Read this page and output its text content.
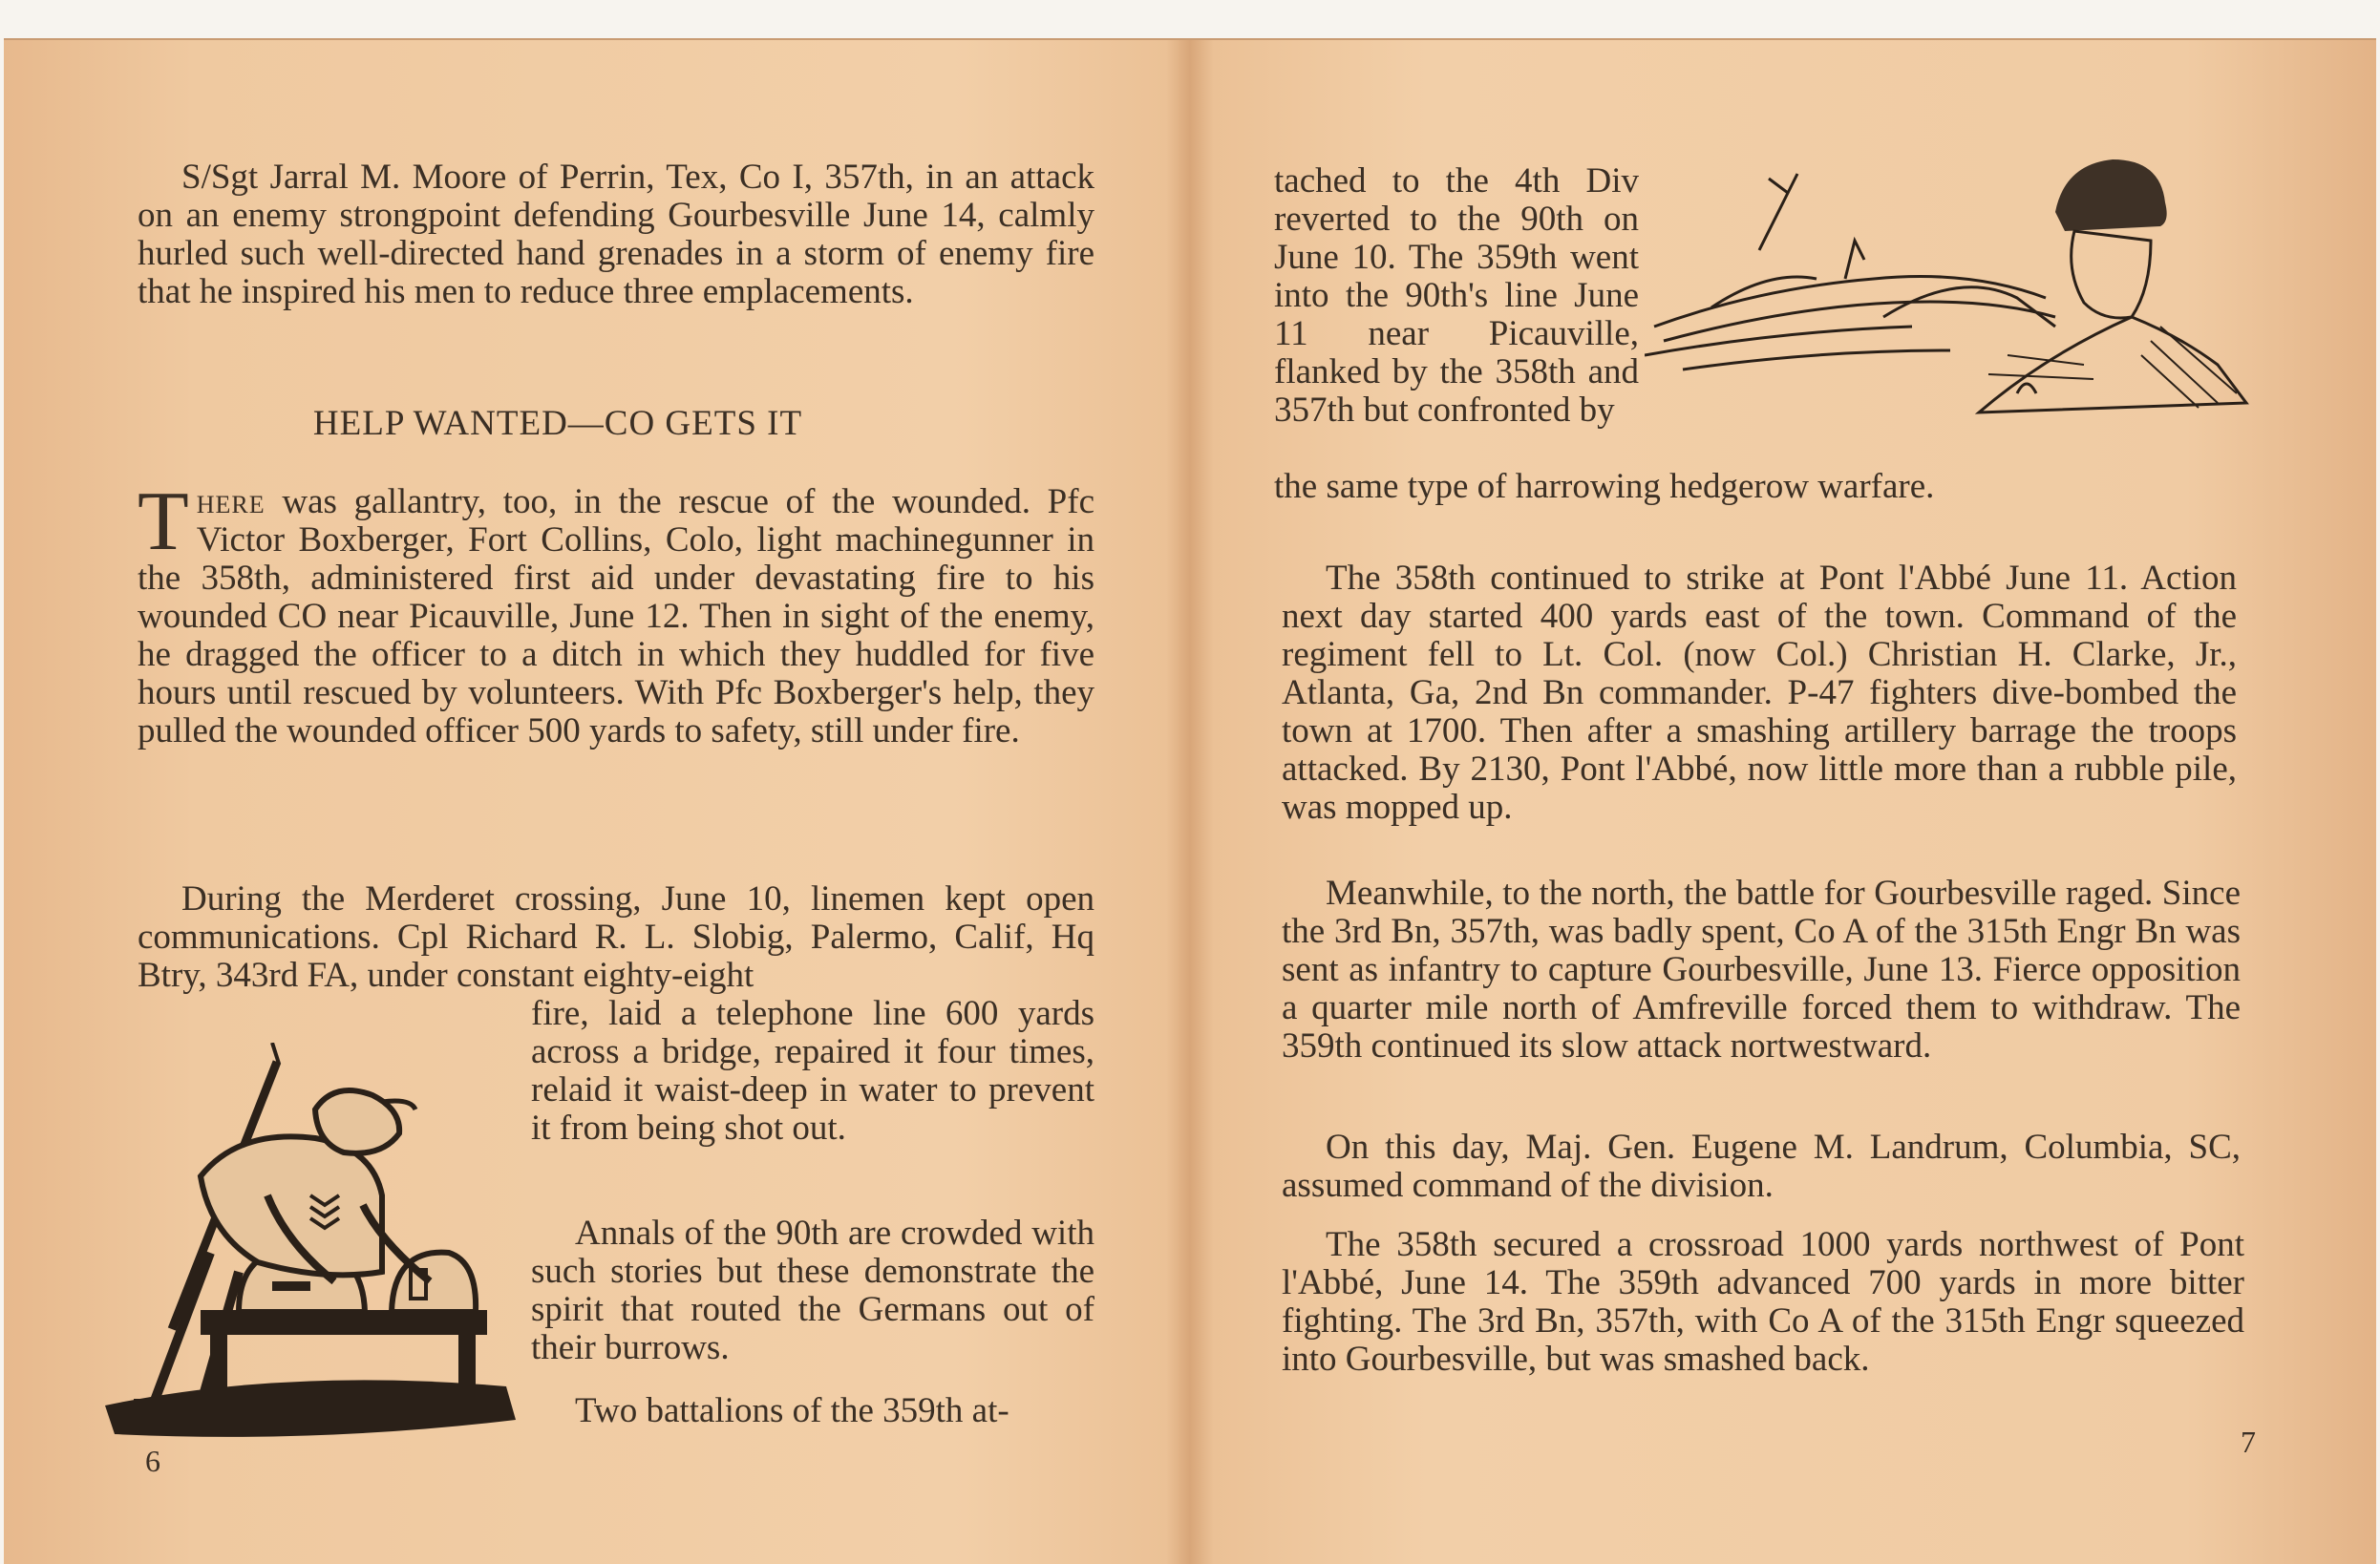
S/Sgt Jarral M. Moore of Perrin, Tex, Co I, 357th, in an attack on an enemy strongpoint defending Gourbesville June 14, calmly hurled such well-directed hand grenades in a storm of enemy fire that he inspired his men to reduce three emplacements.

HELP WANTED—CO GETS IT

There was gallantry, too, in the rescue of the wounded. Pfc Victor Boxberger, Fort Collins, Colo, light machinegunner in the 358th, administered first aid under devastating fire to his wounded CO near Picauville, June 12. Then in sight of the enemy, he dragged the officer to a ditch in which they huddled for five hours until rescued by volunteers. With Pfc Boxberger's help, they pulled the wounded officer 500 yards to safety, still under fire.

During the Merderet crossing, June 10, linemen kept open communications. Cpl Richard R. L. Slobig, Palermo, Calif, Hq Btry, 343rd FA, under constant eighty-eight

fire, laid a telephone line 600 yards across a bridge, repaired it four times, relaid it waist-deep in water to prevent it from being shot out.

Annals of the 90th are crowded with such stories but these demonstrate the spirit that routed the Germans out of their burrows.

Two battalions of the 359th at-

6

tached to the 4th Div reverted to the 90th on June 10. The 359th went into the 90th's line June 11 near Picauville, flanked by the 358th and 357th but confronted by

the same type of harrowing hedgerow warfare.

The 358th continued to strike at Pont l'Abbé June 11. Action next day started 400 yards east of the town. Command of the regiment fell to Lt. Col. (now Col.) Christian H. Clarke, Jr., Atlanta, Ga, 2nd Bn commander. P-47 fighters dive-bombed the town at 1700. Then after a smashing artillery barrage the troops attacked. By 2130, Pont l'Abbé, now little more than a rubble pile, was mopped up.

Meanwhile, to the north, the battle for Gourbesville raged. Since the 3rd Bn, 357th, was badly spent, Co A of the 315th Engr Bn was sent as infantry to capture Gourbesville, June 13. Fierce opposition a quarter mile north of Amfreville forced them to withdraw. The 359th continued its slow attack nortwestward.

On this day, Maj. Gen. Eugene M. Landrum, Columbia, SC, assumed command of the division.

The 358th secured a crossroad 1000 yards northwest of Pont l'Abbé, June 14. The 359th advanced 700 yards in more bitter fighting. The 3rd Bn, 357th, with Co A of the 315th Engr squeezed into Gourbesville, but was smashed back.

7
